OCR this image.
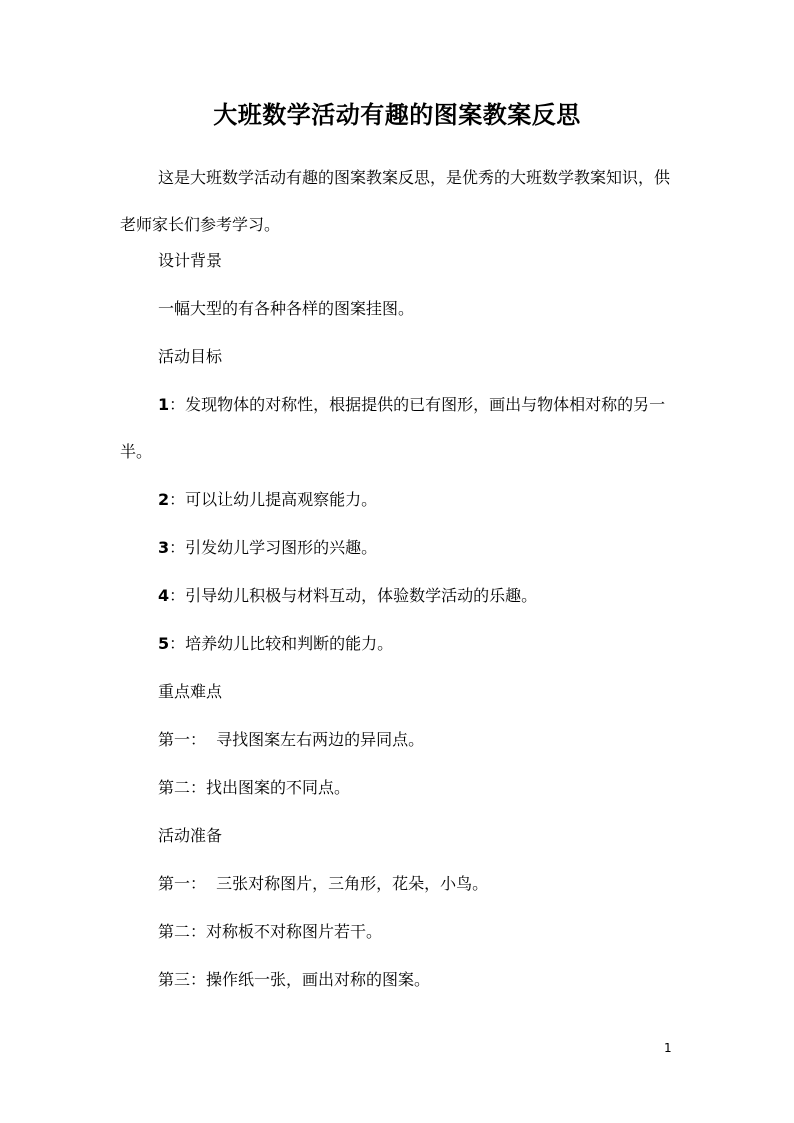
大班数学活动有趣的图案教案反思

这是大班数学活动有趣的图案教案反思，是优秀的大班数学教案知识，供老师家长们参考学习。

设计背景

一幅大型的有各种各样的图案挂图。

活动目标

1：发现物体的对称性，根据提供的已有图形，画出与物体相对称的另一半。

2：可以让幼儿提高观察能力。

3：引发幼儿学习图形的兴趣。

4：引导幼儿积极与材料互动，体验数学活动的乐趣。

5：培养幼儿比较和判断的能力。

重点难点

第一：  寻找图案左右两边的异同点。

第二：找出图案的不同点。

活动准备

第一：  三张对称图片，三角形，花朵，小鸟。

第二：对称板不对称图片若干。

第三：操作纸一张，画出对称的图案。

1
